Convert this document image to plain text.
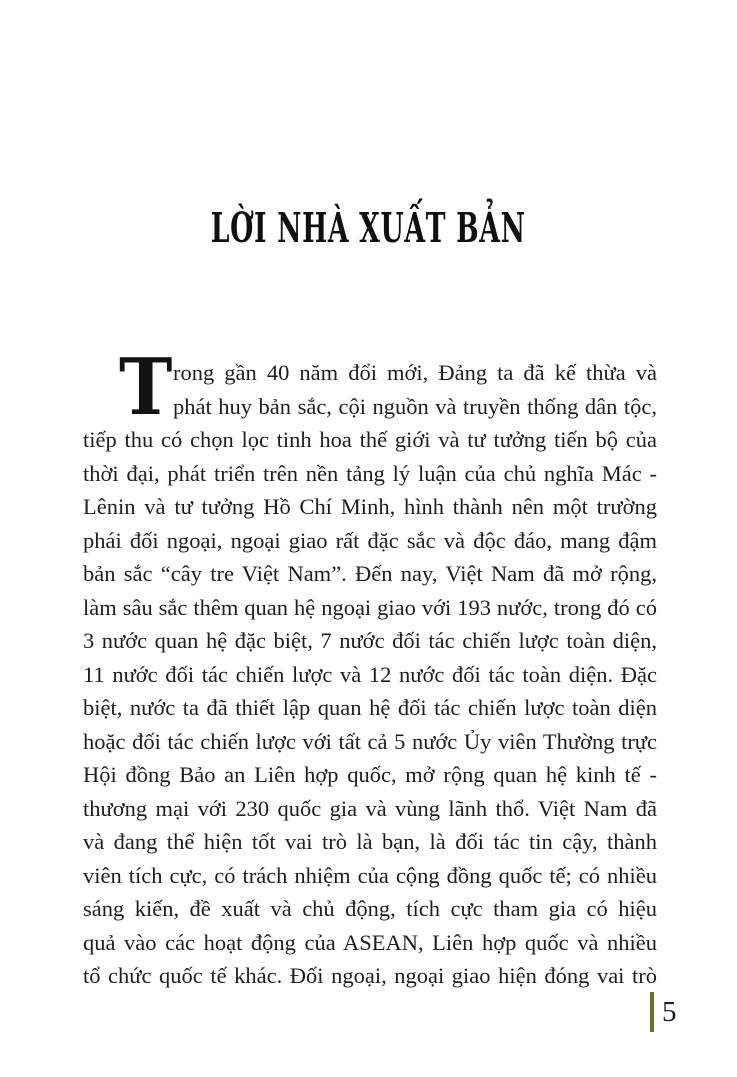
LỜI NHÀ XUẤT BẢN
T rong gần 40 năm đổi mới, Đảng ta đã kế thừa và
phát huy bản sắc, cội nguồn và truyền thống dân tộc,
tiếp thu có chọn lọc tinh hoa thế giới và tư tưởng tiến bộ của
thời đại, phát triển trên nền tảng lý luận của chủ nghĩa Mác -
Lênin và tư tưởng Hồ Chí Minh, hình thành nên một trường
phái đối ngoại, ngoại giao rất đặc sắc và độc đáo, mang đậm
bản sắc “cây tre Việt Nam”. Đến nay, Việt Nam đã mở rộng,
làm sâu sắc thêm quan hệ ngoại giao với 193 nước, trong đó có
3 nước quan hệ đặc biệt, 7 nước đối tác chiến lược toàn diện,
11 nước đối tác chiến lược và 12 nước đối tác toàn diện. Đặc
biệt, nước ta đã thiết lập quan hệ đối tác chiến lược toàn diện
hoặc đối tác chiến lược với tất cả 5 nước Ủy viên Thường trực
Hội đồng Bảo an Liên hợp quốc, mở rộng quan hệ kinh tế -
thương mại với 230 quốc gia và vùng lãnh thổ. Việt Nam đã
và đang thể hiện tốt vai trò là bạn, là đối tác tin cậy, thành
viên tích cực, có trách nhiệm của cộng đồng quốc tế; có nhiều
sáng kiến, đề xuất và chủ động, tích cực tham gia có hiệu
quả vào các hoạt động của ASEAN, Liên hợp quốc và nhiều
tổ chức quốc tế khác. Đối ngoại, ngoại giao hiện đóng vai trò
5
